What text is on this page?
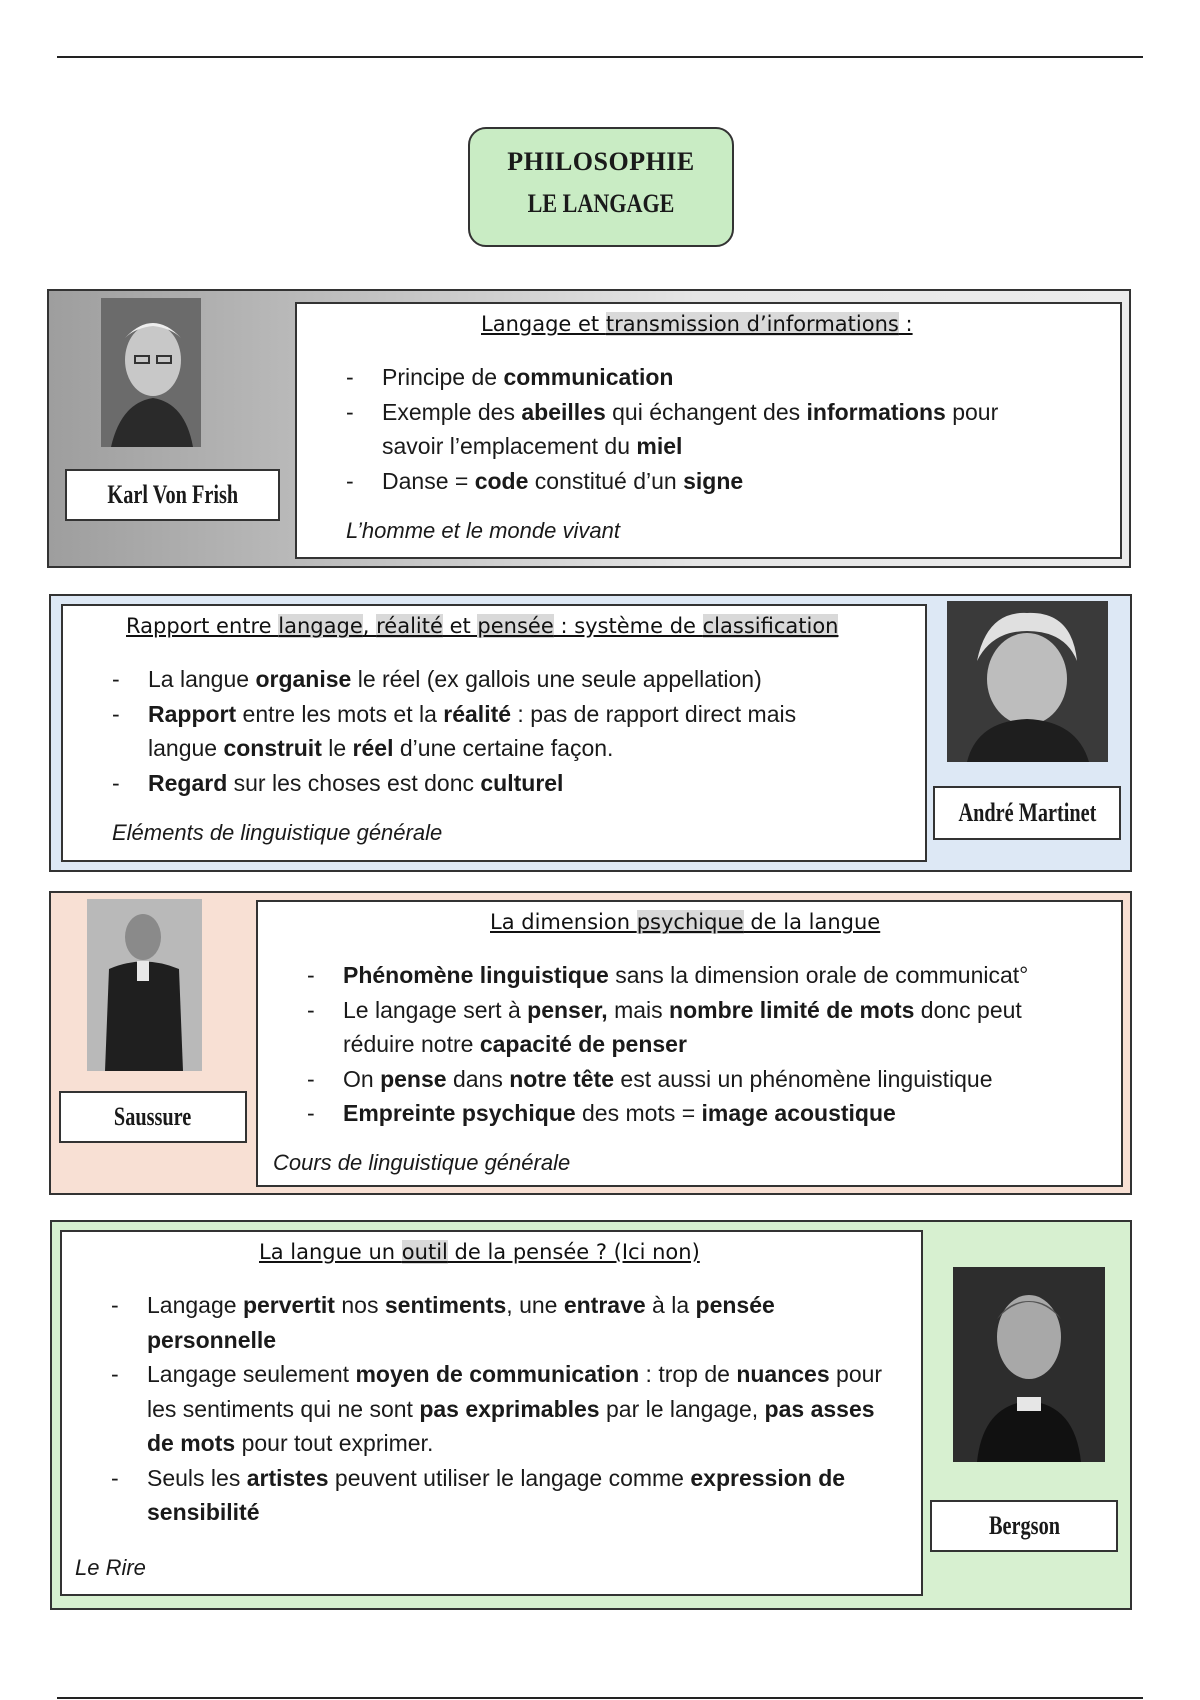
PHILOSOPHIE
LE LANGAGE
Karl Von Frish
Langage et transmission d’informations :
- Principe de communication
- Exemple des abeilles qui échangent des informations pour savoir l’emplacement du miel
- Danse = code constitué d’un signe
L’homme et le monde vivant
Rapport entre langage, réalité et pensée : système de classification
- La langue organise le réel (ex gallois une seule appellation)
- Rapport entre les mots et la réalité : pas de rapport direct mais langue construit le réel d’une certaine façon.
- Regard sur les choses est donc culturel
Eléments de linguistique générale
André Martinet
Saussure
La dimension psychique de la langue
- Phénomène linguistique sans la dimension orale de communicat°
- Le langage sert à penser, mais nombre limité de mots donc peut réduire notre capacité de penser
- On pense dans notre tête est aussi un phénomène linguistique
- Empreinte psychique des mots = image acoustique
Cours de linguistique générale
La langue un outil de la pensée ? (Ici non)
- Langage pervertit nos sentiments, une entrave à la pensée personnelle
- Langage seulement moyen de communication : trop de nuances pour les sentiments qui ne sont pas exprimables par le langage, pas asses de mots pour tout exprimer.
- Seuls les artistes peuvent utiliser le langage comme expression de sensibilité
Le Rire
Bergson
